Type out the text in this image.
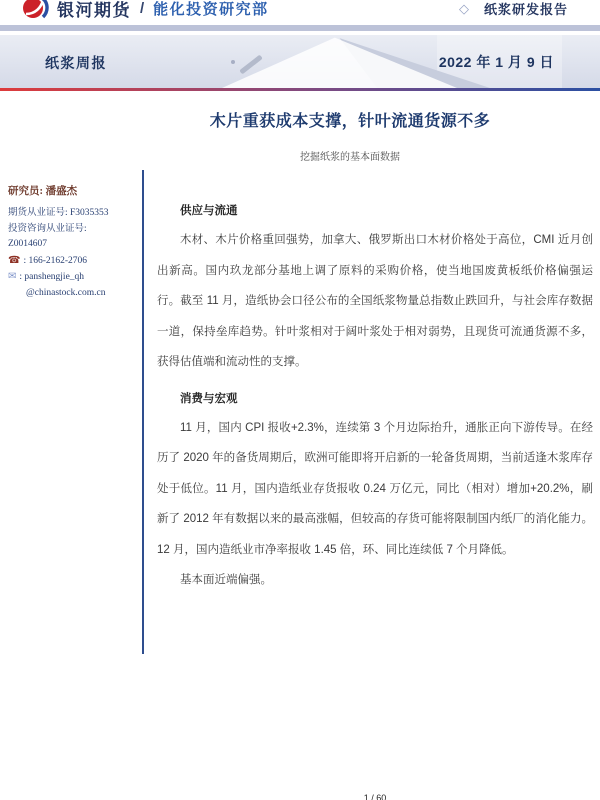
银河期货 / 能化投资研究部	◇ 纸浆研发报告
纸浆周报	2022 年 1 月 9 日
木片重获成本支撑，针叶流通货源不多
挖掘纸浆的基本面数据
研究员: 潘盛杰
期货从业证号: F3035353
投资咨询从业证号:
Z0014607
☎ : 166-2162-2706
✉ : panshengjie_qh
@chinastock.com.cn
供应与流通

木材、木片价格重回强势，加拿大、俄罗斯出口木材价格处于高位，CMI 近月创出新高。国内玖龙部分基地上调了原料的采购价格，使当地国废黄板纸价格偏强运行。截至 11 月，造纸协会口径公布的全国纸浆物量总指数止跌回升，与社会库存数据一道，保持垒库趋势。针叶浆相对于阔叶浆处于相对弱势，且现货可流通货源不多，获得估值端和流动性的支撑。

消费与宏观

11 月，国内 CPI 报收+2.3%，连续第 3 个月边际抬升，通胀正向下游传导。在经历了 2020 年的备货周期后，欧洲可能即将开启新的一轮备货周期，当前适逢木浆库存处于低位。11 月，国内造纸业存货报收 0.24 万亿元，同比（相对）增加+20.2%，刷新了 2012 年有数据以来的最高涨幅，但较高的存货可能将限制国内纸厂的消化能力。12 月，国内造纸业市净率报收 1.45 倍，环、同比连续低 7 个月降低。

基本面近端偏强。

1 / 60
